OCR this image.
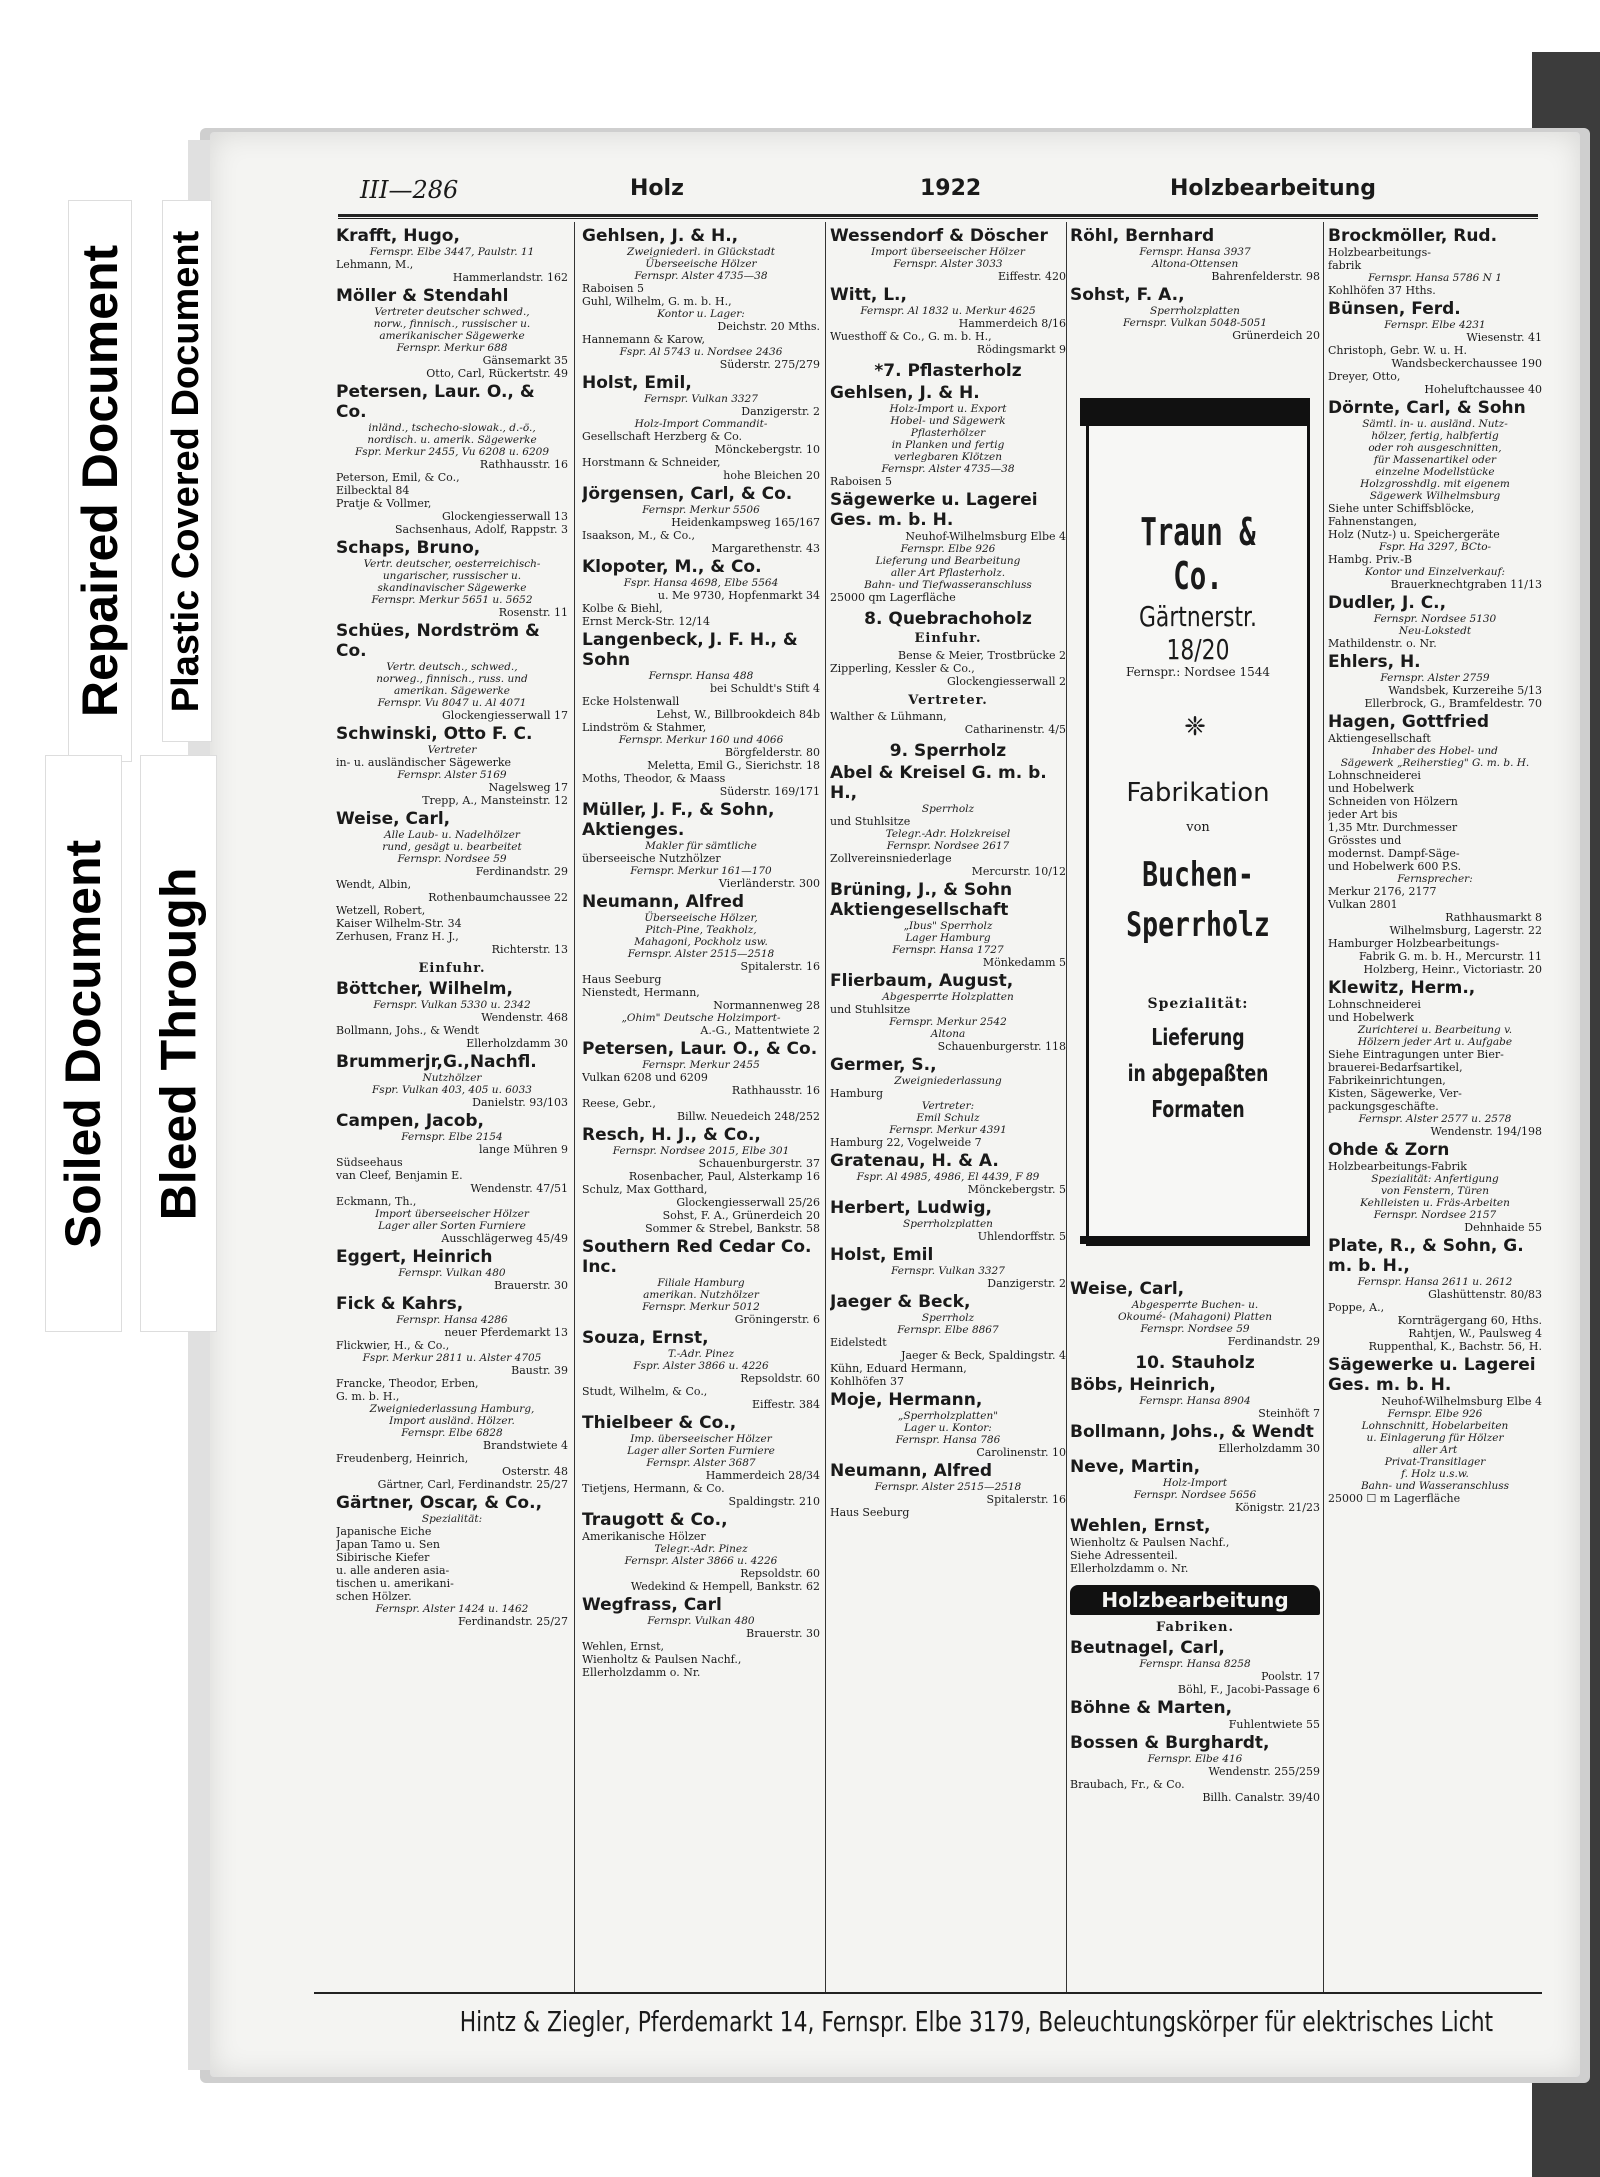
Repaired Document Plastic Covered Document
Soiled Document Bleed Through
III—286	Holz	1922	Holzbearbeitung
Krafft, Hugo,
Fernspr. Elbe 3447, Paulstr. 11
Lehmann, M.,
Hammerlandstr. 162
Möller & Stendahl
Vertreter deutscher schwed.,
norw., finnisch., russischer u.
amerikanischer Sägewerke
Fernspr. Merkur 688
Gänsemarkt 35
Otto, Carl, Rückertstr. 49
Petersen, Laur. O., & Co.
inländ., tschecho-slowak., d.-ö.,
nordisch. u. amerik. Sägewerke
Fspr. Merkur 2455, Vu 6208 u. 6209
Rathhausstr. 16
Peterson, Emil, & Co.,
Eilbecktal 84
Pratje & Vollmer,
Glockengiesserwall 13
Sachsenhaus, Adolf, Rappstr. 3
Schaps, Bruno,
Vertr. deutscher, oesterreichisch-
ungarischer, russischer u.
skandinavischer Sägewerke
Fernspr. Merkur 5651 u. 5652
Rosenstr. 11
Schües, Nordström & Co.
Vertr. deutsch., schwed.,
norweg., finnisch., russ. und
amerikan. Sägewerke
Fernspr. Vu 8047 u. Al 4071
Glockengiesserwall 17
Schwinski, Otto F. C.
Vertreter
in- u. ausländischer Sägewerke
Fernspr. Alster 5169
Nagelsweg 17
Trepp, A., Mansteinstr. 12
Weise, Carl,
Alle Laub- u. Nadelhölzer
rund, gesägt u. bearbeitet
Fernspr. Nordsee 59
Ferdinandstr. 29
Wendt, Albin,
Rothenbaumchaussee 22
Wetzell, Robert,
Kaiser Wilhelm-Str. 34
Zerhusen, Franz H. J.,
Richterstr. 13
Einfuhr.
Böttcher, Wilhelm,
Fernspr. Vulkan 5330 u. 2342
Wendenstr. 468
Bollmann, Johs., & Wendt
Ellerholzdamm 30
Brummerjr,G.,Nachfl.
Nutzhölzer
Fspr. Vulkan 403, 405 u. 6033
Danielstr. 93/103
Campen, Jacob,
Fernspr. Elbe 2154
lange Mühren 9
Südseehaus
van Cleef, Benjamin E.
Wendenstr. 47/51
Eckmann, Th.,
Import überseeischer Hölzer
Lager aller Sorten Furniere
Ausschlägerweg 45/49
Eggert, Heinrich
Fernspr. Vulkan 480
Brauerstr. 30
Fick & Kahrs,
Fernspr. Hansa 4286
neuer Pferdemarkt 13
Flickwier, H., & Co.,
Fspr. Merkur 2811 u. Alster 4705
Baustr. 39
Francke, Theodor, Erben,
G. m. b. H.,
Zweigniederlassung Hamburg,
Import ausländ. Hölzer.
Fernspr. Elbe 6828
Brandstwiete 4
Freudenberg, Heinrich,
Osterstr. 48
Gärtner, Carl, Ferdinandstr. 25/27
Gärtner, Oscar, & Co.,
Spezialität:
Japanische Eiche
Japan Tamo u. Sen
Sibirische Kiefer
u. alle anderen asia-
tischen u. amerikani-
schen Hölzer.
Fernspr. Alster 1424 u. 1462
Ferdinandstr. 25/27
Gehlsen, J. & H.,
Zweigniederl. in Glückstadt
Überseeische Hölzer
Fernspr. Alster 4735—38
Raboisen 5
Guhl, Wilhelm, G. m. b. H.,
Kontor u. Lager:
Deichstr. 20 Mths.
Hannemann & Karow,
Fspr. Al 5743 u. Nordsee 2436
Süderstr. 275/279
Holst, Emil,
Fernspr. Vulkan 3327
Danzigerstr. 2
Holz-Import Commandit-
Gesellschaft Herzberg & Co.
Mönckebergstr. 10
Horstmann & Schneider,
hohe Bleichen 20
Jörgensen, Carl, & Co.
Fernspr. Merkur 5506
Heidenkampsweg 165/167
Isaakson, M., & Co.,
Margarethenstr. 43
Klopoter, M., & Co.
Fspr. Hansa 4698, Elbe 5564
u. Me 9730, Hopfenmarkt 34
Kolbe & Biehl,
Ernst Merck-Str. 12/14
Langenbeck, J. F. H., & Sohn
Fernspr. Hansa 488
bei Schuldt's Stift 4
Ecke Holstenwall
Lehst, W., Billbrookdeich 84b
Lindström & Stahmer,
Fernspr. Merkur 160 und 4066
Börgfelderstr. 80
Meletta, Emil G., Sierichstr. 18
Moths, Theodor, & Maass
Süderstr. 169/171
Müller, J. F., & Sohn, Aktienges.
Makler für sämtliche
überseeische Nutzhölzer
Fernspr. Merkur 161—170
Vierländerstr. 300
Neumann, Alfred
Überseeische Hölzer,
Pitch-Pine, Teakholz,
Mahagoni, Pockholz usw.
Fernspr. Alster 2515—2518
Spitalerstr. 16
Haus Seeburg
Nienstedt, Hermann,
Normannenweg 28
„Ohim" Deutsche Holzimport-
A.-G., Mattentwiete 2
Petersen, Laur. O., & Co.
Fernspr. Merkur 2455
Vulkan 6208 und 6209
Rathhausstr. 16
Reese, Gebr.,
Billw. Neuedeich 248/252
Resch, H. J., & Co.,
Fernspr. Nordsee 2015, Elbe 301
Schauenburgerstr. 37
Rosenbacher, Paul, Alsterkamp 16
Schulz, Max Gotthard,
Glockengiesserwall 25/26
Sohst, F. A., Grünerdeich 20
Sommer & Strebel, Bankstr. 58
Southern Red Cedar Co. Inc.
Filiale Hamburg
amerikan. Nutzhölzer
Fernspr. Merkur 5012
Gröningerstr. 6
Souza, Ernst,
T.-Adr. Pinez
Fspr. Alster 3866 u. 4226
Repsoldstr. 60
Studt, Wilhelm, & Co.,
Eiffestr. 384
Thielbeer & Co.,
Imp. überseeischer Hölzer
Lager aller Sorten Furniere
Fernspr. Alster 3687
Hammerdeich 28/34
Tietjens, Hermann, & Co.
Spaldingstr. 210
Traugott & Co.,
Amerikanische Hölzer
Telegr.-Adr. Pinez
Fernspr. Alster 3866 u. 4226
Repsoldstr. 60
Wedekind & Hempell, Bankstr. 62
Wegfrass, Carl
Fernspr. Vulkan 480
Brauerstr. 30
Wehlen, Ernst,
Wienholtz & Paulsen Nachf.,
Ellerholzdamm o. Nr.
Wessendorf & Döscher
Import überseeischer Hölzer
Fernspr. Alster 3033
Eiffestr. 420
Witt, L.,
Fernspr. Al 1832 u. Merkur 4625
Hammerdeich 8/16
Wuesthoff & Co., G. m. b. H.,
Rödingsmarkt 9
*7. Pflasterholz
Gehlsen, J. & H.
Holz-Import u. Export
Hobel- und Sägewerk
Pflasterhölzer
in Planken und fertig
verlegbaren Klötzen
Fernspr. Alster 4735—38
Raboisen 5
Sägewerke u. Lagerei Ges. m. b. H.
Neuhof-Wilhelmsburg Elbe 4
Fernspr. Elbe 926
Lieferung und Bearbeitung
aller Art Pflasterholz.
Bahn- und Tiefwasseranschluss
25000 qm Lagerfläche
8. Quebrachoholz
Einfuhr.
Bense & Meier, Trostbrücke 2
Zipperling, Kessler & Co.,
Glockengiesserwall 2
Vertreter.
Walther & Lühmann,
Catharinenstr. 4/5
9. Sperrholz
Abel & Kreisel G. m. b. H.,
Sperrholz
und Stuhlsitze
Telegr.-Adr. Holzkreisel
Fernspr. Nordsee 2617
Zollvereinsniederlage
Mercurstr. 10/12
Brüning, J., & Sohn Aktiengesellschaft
„Ibus" Sperrholz
Lager Hamburg
Fernspr. Hansa 1727
Mönkedamm 5
Flierbaum, August,
Abgesperrte Holzplatten
und Stuhlsitze
Fernspr. Merkur 2542
Altona
Schauenburgerstr. 118
Germer, S.,
Zweigniederlassung
Hamburg
Vertreter:
Emil Schulz
Fernspr. Merkur 4391
Hamburg 22, Vogelweide 7
Gratenau, H. & A.
Fspr. Al 4985, 4986, El 4439, F 89
Mönckebergstr. 5
Herbert, Ludwig,
Sperrholzplatten
Uhlendorffstr. 5
Holst, Emil
Fernspr. Vulkan 3327
Danzigerstr. 2
Jaeger & Beck,
Sperrholz
Fernspr. Elbe 8867
Eidelstedt
Jaeger & Beck, Spaldingstr. 4
Kühn, Eduard Hermann,
Kohlhöfen 37
Moje, Hermann,
„Sperrholzplatten"
Lager u. Kontor:
Fernspr. Hansa 786
Carolinenstr. 10
Neumann, Alfred
Fernspr. Alster 2515—2518
Spitalerstr. 16
Haus Seeburg
Röhl, Bernhard
Fernspr. Hansa 3937
Altona-Ottensen
Bahrenfelderstr. 98
Sohst, F. A.,
Sperrholzplatten
Fernspr. Vulkan 5048-5051
Grünerdeich 20
Weise, Carl,
Abgesperrte Buchen- u.
Okoumé- (Mahagoni) Platten
Fernspr. Nordsee 59
Ferdinandstr. 29
10. Stauholz
Böbs, Heinrich,
Fernspr. Hansa 8904
Steinhöft 7
Bollmann, Johs., & Wendt
Ellerholzdamm 30
Neve, Martin,
Holz-Import
Fernspr. Nordsee 5656
Königstr. 21/23
Wehlen, Ernst,
Wienholtz & Paulsen Nachf.,
Siehe Adressenteil.
Ellerholzdamm o. Nr.
Holzbearbeitung
Fabriken.
Beutnagel, Carl,
Fernspr. Hansa 8258
Poolstr. 17
Böhl, F., Jacobi-Passage 6
Böhne & Marten,
Fuhlentwiete 55
Bossen & Burghardt,
Fernspr. Elbe 416
Wendenstr. 255/259
Braubach, Fr., & Co.
Billh. Canalstr. 39/40
Brockmöller, Rud.
Holzbearbeitungs-
fabrik
Fernspr. Hansa 5786 N 1
Kohlhöfen 37 Hths.
Bünsen, Ferd.
Fernspr. Elbe 4231
Wiesenstr. 41
Christoph, Gebr. W. u. H.
Wandsbeckerchaussee 190
Dreyer, Otto,
Hoheluftchaussee 40
Dörnte, Carl, & Sohn
Sämtl. in- u. ausländ. Nutz-
hölzer, fertig, halbfertig
oder roh ausgeschnitten,
für Massenartikel oder
einzelne Modellstücke
Holzgrosshdlg. mit eigenem
Sägewerk Wilhelmsburg
Siehe unter Schiffsblöcke,
Fahnenstangen,
Holz (Nutz-) u. Speichergeräte
Fspr. Ha 3297, BCto-
Hambg. Priv.-B
Kontor und Einzelverkauf:
Brauerknechtgraben 11/13
Dudler, J. C.,
Fernspr. Nordsee 5130
Neu-Lokstedt
Mathildenstr. o. Nr.
Ehlers, H.
Fernspr. Alster 2759
Wandsbek, Kurzereihe 5/13
Ellerbrock, G., Bramfeldestr. 70
Hagen, Gottfried
Aktiengesellschaft
Inhaber des Hobel- und
Sägewerk „Reiherstieg" G. m. b. H.
Lohnschneiderei
und Hobelwerk
Schneiden von Hölzern
jeder Art bis
1,35 Mtr. Durchmesser
Grösstes und
modernst. Dampf-Säge-
und Hobelwerk 600 P.S.
Fernsprecher:
Merkur 2176, 2177
Vulkan 2801
Rathhausmarkt 8
Wilhelmsburg, Lagerstr. 22
Hamburger Holzbearbeitungs-
Fabrik G. m. b. H., Mercurstr. 11
Holzberg, Heinr., Victoriastr. 20
Klewitz, Herm.,
Lohnschneiderei
und Hobelwerk
Zurichterei u. Bearbeitung v.
Hölzern jeder Art u. Aufgabe
Siehe Eintragungen unter Bier-
brauerei-Bedarfsartikel,
Fabrikeinrichtungen,
Kisten, Sägewerke, Ver-
packungsgeschäfte.
Fernspr. Alster 2577 u. 2578
Wendenstr. 194/198
Ohde & Zorn
Holzbearbeitungs-Fabrik
Spezialität: Anfertigung
von Fenstern, Türen
Kehlleisten u. Fräs-Arbeiten
Fernspr. Nordsee 2157
Dehnhaide 55
Plate, R., & Sohn, G. m. b. H.,
Fernspr. Hansa 2611 u. 2612
Glashüttenstr. 80/83
Poppe, A.,
Kornträgergang 60, Hths.
Rahtjen, W., Paulsweg 4
Ruppenthal, K., Bachstr. 56, H.
Sägewerke u. Lagerei Ges. m. b. H.
Neuhof-Wilhelmsburg Elbe 4
Fernspr. Elbe 926
Lohnschnitt, Hobelarbeiten
u. Einlagerung für Hölzer
aller Art
Privat-Transitlager
f. Holz u.s.w.
Bahn- und Wasseranschluss
25000 ☐ m Lagerfläche
Traun & Co.
Gärtnerstr. 18/20
Fernspr.: Nordsee 1544
❈
Fabrikation
von
Buchen-
Sperrholz
Spezialität:
Lieferung
in abgepaßten
Formaten
Hintz & Ziegler, Pferdemarkt 14, Fernspr. Elbe 3179, Beleuchtungskörper für elektrisches Licht
